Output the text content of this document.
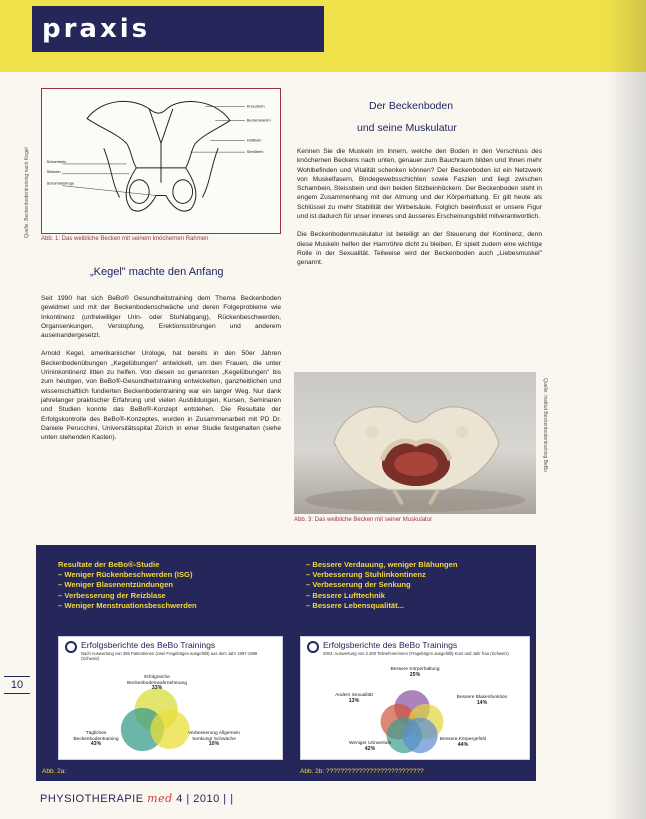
praxis
Quelle: Beckenbodentraining nach Kegel
Kreuzbein
Beckenkamm
Hüftbein
Steißbein
Schambein
Sitzbein
Schambeinfuge
Abb. 1: Das weibliche Becken mit seinem knöchernen Rahmen
„Kegel" machte den Anfang

Seit 1990 hat sich BeBo® Gesundheitstraining dem Thema Beckenboden gewidmet und mit der Beckenbodenschwäche und deren Folgeprobleme wie Inkontinenz (unfreiwilliger Urin- oder Stuhlabgang), Rückenbeschwerden, Organsenkungen, Verstopfung, Erektionsstörungen und anderem auseinandergesetzt.

Arnold Kegel, amerikanischer Urologe, hat bereits in den 50er Jahren Beckenbodenübungen „Kegelübungen" entwickelt, um den Frauen, die unter Urininkontinenz litten zu helfen. Von diesen so genannten „Kegelübungen" bis zum heutigen, von BeBo®-Gesundheitstraining entwickelten, ganzheitlichen und wissenschaftlich fundierten Beckenbodentraining war ein langer Weg. Nur dank jahrelanger praktischer Erfahrung und vielen Ausbildungen, Kursen, Seminaren und Studien konnte das BeBo®-Konzept entstehen. Die Resultate der Erfolgskontrolle des BeBo®-Konzeptes, wurden in Zusammenarbeit mit PD Dr. Daniele Perucchini, Universitätsspital Zürich in einer Studie festgehalten (siehe unten stehenden Kasten).

Der Beckenboden
und seine Muskulatur

Kennen Sie die Muskeln im Innern, welche den Boden in den Verschluss des knöchernen Beckens nach unten, genauer zum Bauchraum bilden und Ihnen mehr Wohlbefinden und Vitalität schenken können? Der Beckenboden ist ein Netzwerk von Muskelfasern, Bindegewebsschichten sowie Faszien und liegt zwischen Schambein, Steissbein und den beiden Sitzbeinhöckern. Der Beckenboden steht in engem Zusammenhang mit der Atmung und der Körperhaltung. Er gilt heute als Schlüssel zu mehr Stabilität der Wirbelsäule. Folglich beeinflusst er unsere Figur und ist dadurch für unser inneres und äusseres Erscheinungsbild mitverantwortlich.

Die Beckenbodenmuskulatur ist beteiligt an der Steuerung der Kontinenz, denn diese Muskeln helfen der Harnröhre dicht zu bleiben. Er spielt zudem eine wichtige Rolle in der Sexualität. Teilweise wird der Beckenboden auch „Liebesmuskel" genannt.

Quelle: Institut Beckenbodentraining BeBo
Abb. 3: Das weibliche Becken mit seiner Muskulatur
Resultate der BeBo®-Studie
– Weniger Rückenbeschwerden (ISG)
– Weniger Blasenentzündungen
– Verbesserung der Reizblase
– Weniger Menstruationsbeschwerden
– Bessere Verdauung, weniger Blähungen
– Verbesserung Stuhlinkontinenz
– Verbesserung der Senkung
– Bessere Lufttechnik
– Bessere Lebensqualität...
Erfolgsberichte des BeBo Trainings
Nach Auswertung von 355 Patientinnen (zwei Fragebögen ausgefüllt) aus dem Jahr 1997-1998 (Schweiz)
Erfolgreiche Beckenbodenwahrnehmung
33%
Tägliches Beckenbodentraining
43%
Verbesserung Allgemein Senkung/ Schwäche
10%
Erfolgsberichte des BeBo Trainings
2004: Auswertung von 2.300 Teilnehmerinnen (Fragebögen ausgefüllt) Kurs und Jahr frau (Schweiz)
Bessere Körperhaltung
25%
Anders Sexualität
13%
Bessere Blasenfunktion
14%
Weniger Urinverlust
42%
Bessere Körpergefühl
44%
Abb. 2a:	Abb. 2b: ???????????????????????????
10
PHYSIOTHERAPIE med 4 | 2010 | |
